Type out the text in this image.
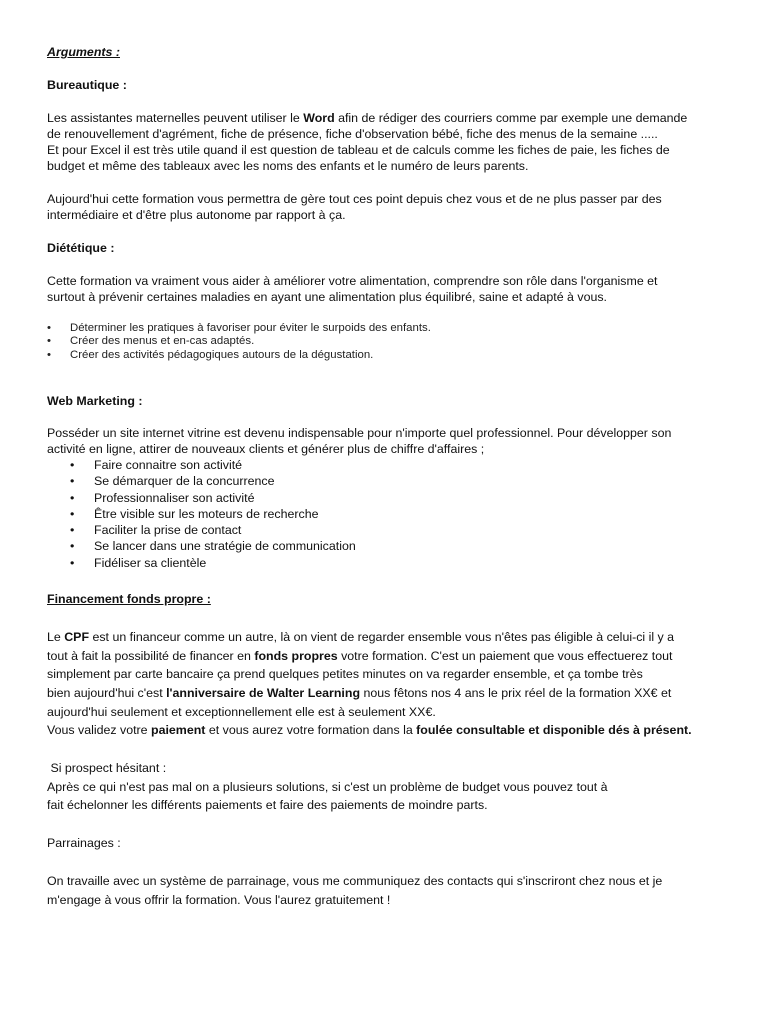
Arguments :

Bureautique :

Les assistantes maternelles peuvent utiliser le Word afin de rédiger des courriers comme par exemple une demande

de renouvellement d'agrément, fiche de présence, fiche d'observation bébé, fiche des menus de la semaine .....

Et pour Excel il est très utile quand il est question de tableau et de calculs comme les fiches de paie, les fiches de

budget et même des tableaux avec les noms des enfants et le numéro de leurs parents.

Aujourd'hui cette formation vous permettra de gère tout ces point depuis chez vous et de ne plus passer par des

intermédiaire et d'être plus autonome par rapport à ça.

Diététique :

Cette formation va vraiment vous aider à améliorer votre alimentation, comprendre son rôle dans l'organisme et

surtout à prévenir certaines maladies en ayant une alimentation plus équilibré, saine et adapté à vous.

• Déterminer les pratiques à favoriser pour éviter le surpoids des enfants.
• Créer des menus et en-cas adaptés.
• Créer des activités pédagogiques autours de la dégustation.

Web Marketing :

Posséder un site internet vitrine est devenu indispensable pour n'importe quel professionnel. Pour développer son

activité en ligne, attirer de nouveaux clients et générer plus de chiffre d'affaires ;

• Faire connaitre son activité
• Se démarquer de la concurrence
• Professionnaliser son activité
• Être visible sur les moteurs de recherche
• Faciliter la prise de contact
• Se lancer dans une stratégie de communication
• Fidéliser sa clientèle

Financement fonds propre :

Le CPF est un financeur comme un autre, là on vient de regarder ensemble vous n'êtes pas éligible à celui-ci il y a

tout à fait la possibilité de financer en fonds propres votre formation. C'est un paiement que vous effectuerez tout

simplement par carte bancaire ça prend quelques petites minutes on va regarder ensemble, et ça tombe très

bien aujourd'hui c'est l'anniversaire de Walter Learning nous fêtons nos 4 ans le prix réel de la formation XX€ et

aujourd'hui seulement et exceptionnellement elle est à seulement XX€.

Vous validez votre paiement et vous aurez votre formation dans la foulée consultable et disponible dés à présent.

Si prospect hésitant :

Après ce qui n'est pas mal on a plusieurs solutions, si c'est un problème de budget vous pouvez tout à

fait échelonner les différents paiements et faire des paiements de moindre parts.

Parrainages :

On travaille avec un système de parrainage, vous me communiquez des contacts qui s'inscriront chez nous et je

m'engage à vous offrir la formation. Vous l'aurez gratuitement !
